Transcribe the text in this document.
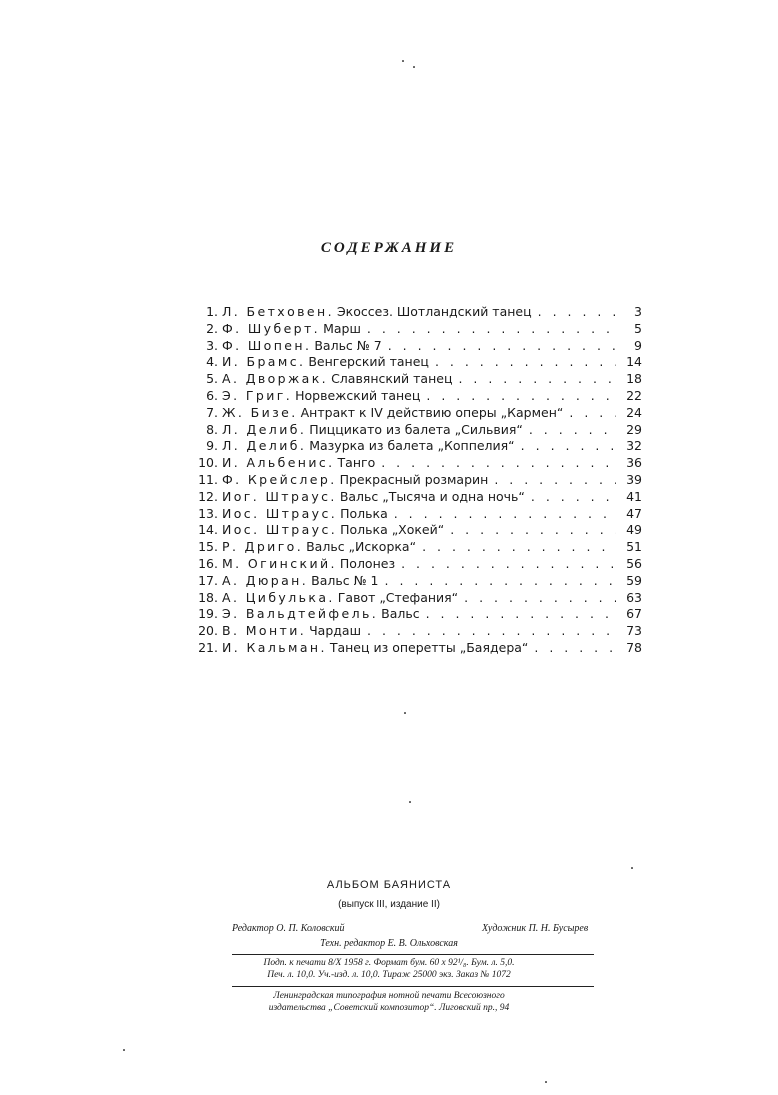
СОДЕРЖАНИЕ
1. Л. Бетховен. Экоссез. Шотландский танец . . .	3
2. Ф. Шуберт. Марш . . .	5
3. Ф. Шопен. Вальс № 7 . . .	9
4. И. Брамс. Венгерский танец . . .	14
5. А. Дворжак. Славянский танец . . .	18
6. Э. Григ. Норвежский танец . . .	22
7. Ж. Бизе. Антракт к IV действию оперы „Кармен“ . . .	24
8. Л. Делиб. Пиццикато из балета „Сильвия“ . . .	29
9. Л. Делиб. Мазурка из балета „Коппелия“ . . .	32
10. И. Альбенис. Танго . . .	36
11. Ф. Крейслер. Прекрасный розмарин . . .	39
12. Иог. Штраус. Вальс „Тысяча и одна ночь“ . . .	41
13. Иос. Штраус. Полька . . .	47
14. Иос. Штраус. Полька „Хокей“ . . .	49
15. Р. Дриго. Вальс „Искорка“ . . .	51
16. М. Огинский. Полонез . . .	56
17. А. Дюран. Вальс № 1 . . .	59
18. А. Цибулька. Гавот „Стефания“ . . .	63
19. Э. Вальдтейфель. Вальс . . .	67
20. В. Монти. Чардаш . . .	73
21. И. Кальман. Танец из оперетты „Баядера“ . . .	78
АЛЬБОМ БАЯНИСТА
(выпуск III, издание II)
Редактор О. П. Коловский	Художник П. Н. Бусырев
Техн. редактор Е. В. Ольховская
Подп. к печати 8/X 1958 г. Формат бум. 60 x 92¹/₈. Бум. л. 5,0.
Печ. л. 10,0. Уч.-изд. л. 10,0. Тираж 25000 экз. Заказ № 1072
Ленинградская типография нотной печати Всесоюзного
издательства „Советский композитор“. Лиговский пр., 94
